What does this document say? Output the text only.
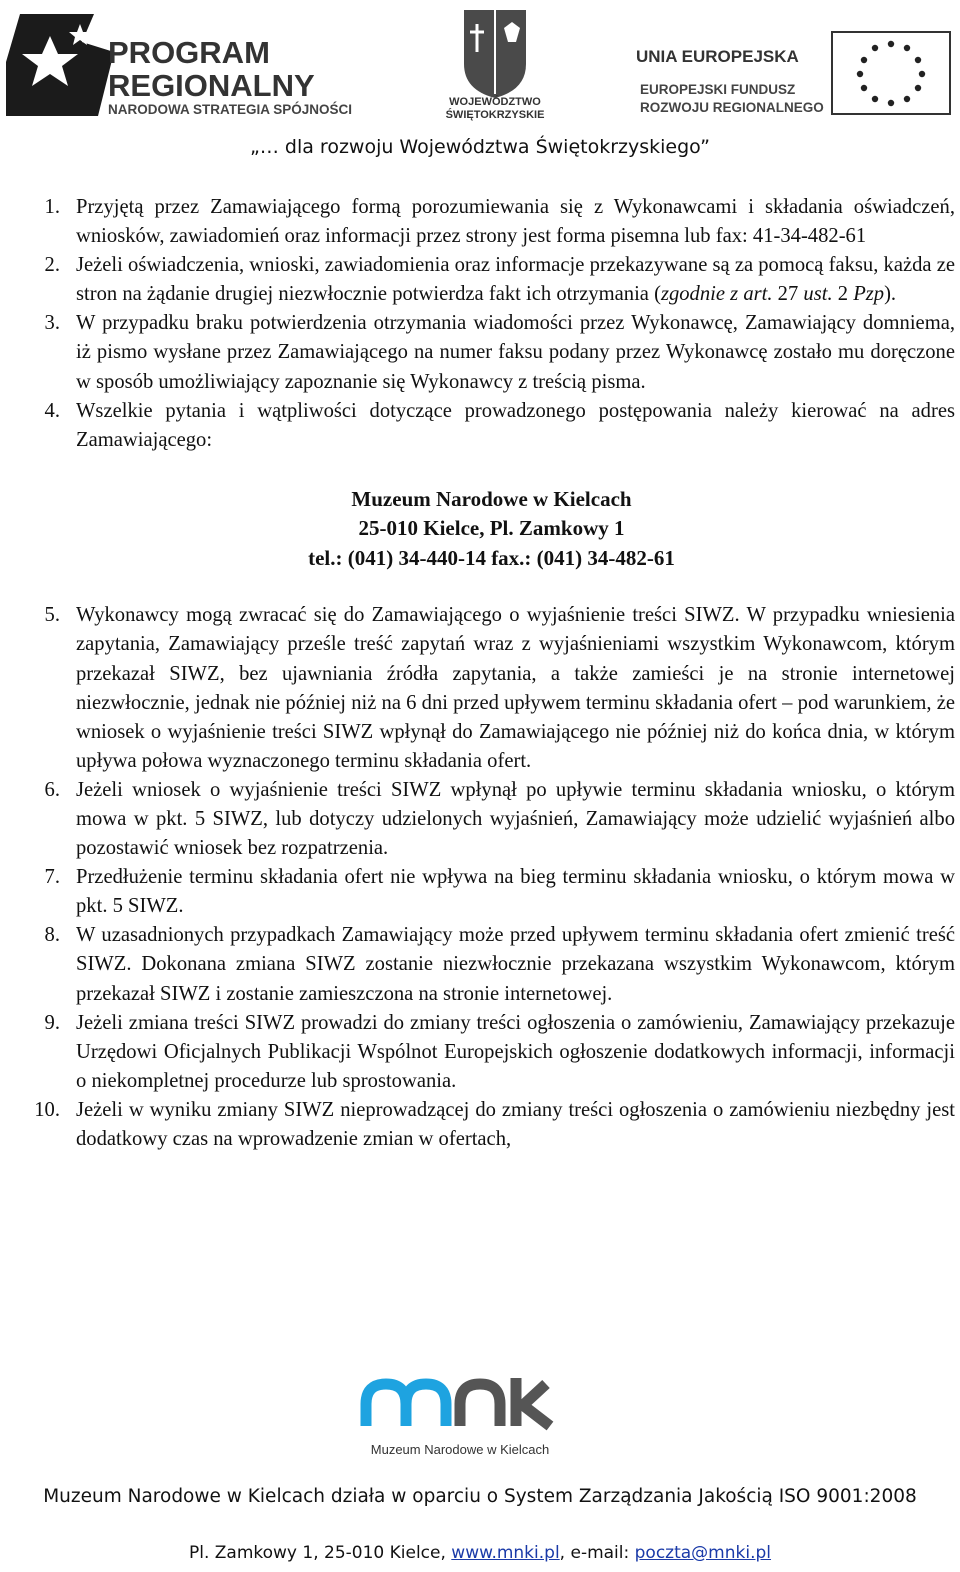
PROGRAM
REGIONALNY
NARODOWA STRATEGIA SPÓJNOŚCI	WOJEWÓDZTWO
ŚWIĘTOKRZYSKIE
UNIA EUROPEJSKA
EUROPEJSKI FUNDUSZ
ROZWOJU REGIONALNEGO
„… dla rozwoju Województwa Świętokrzyskiego”
1. Przyjętą przez Zamawiającego formą porozumiewania się z Wykonawcami i składania oświadczeń, wniosków, zawiadomień oraz informacji przez strony jest forma pisemna lub fax: 41-34-482-61
2. Jeżeli oświadczenia, wnioski, zawiadomienia oraz informacje przekazywane są za pomocą faksu, każda ze stron na żądanie drugiej niezwłocznie potwierdza fakt ich otrzymania (zgodnie z art. 27 ust. 2 Pzp).
3. W przypadku braku potwierdzenia otrzymania wiadomości przez Wykonawcę, Zamawiający domniema, iż pismo wysłane przez Zamawiającego na numer faksu podany przez Wykonawcę zostało mu doręczone w sposób umożliwiający zapoznanie się Wykonawcy z treścią pisma.
4. Wszelkie pytania i wątpliwości dotyczące prowadzonego postępowania należy kierować na adres Zamawiającego:
Muzeum Narodowe w Kielcach
25-010 Kielce, Pl. Zamkowy 1
tel.: (041) 34-440-14 fax.: (041) 34-482-61
5. Wykonawcy mogą zwracać się do Zamawiającego o wyjaśnienie treści SIWZ. W przypadku wniesienia zapytania, Zamawiający prześle treść zapytań wraz z wyjaśnieniami wszystkim Wykonawcom, którym przekazał SIWZ, bez ujawniania źródła zapytania, a także zamieści je na stronie internetowej niezwłocznie, jednak nie później niż na 6 dni przed upływem terminu składania ofert – pod warunkiem, że wniosek o wyjaśnienie treści SIWZ wpłynął do Zamawiającego nie później niż do końca dnia, w którym upływa połowa wyznaczonego terminu składania ofert.
6. Jeżeli wniosek o wyjaśnienie treści SIWZ wpłynął po upływie terminu składania wniosku, o którym mowa w pkt. 5 SIWZ, lub dotyczy udzielonych wyjaśnień, Zamawiający może udzielić wyjaśnień albo pozostawić wniosek bez rozpatrzenia.
7. Przedłużenie terminu składania ofert nie wpływa na bieg terminu składania wniosku, o którym mowa w pkt. 5 SIWZ.
8. W uzasadnionych przypadkach Zamawiający może przed upływem terminu składania ofert zmienić treść SIWZ. Dokonana zmiana SIWZ zostanie niezwłocznie przekazana wszystkim Wykonawcom, którym przekazał SIWZ i zostanie zamieszczona na stronie internetowej.
9. Jeżeli zmiana treści SIWZ prowadzi do zmiany treści ogłoszenia o zamówieniu, Zamawiający przekazuje Urzędowi Oficjalnych Publikacji Wspólnot Europejskich ogłoszenie dodatkowych informacji, informacji o niekompletnej procedurze lub sprostowania.
10. Jeżeli w wyniku zmiany SIWZ nieprowadzącej do zmiany treści ogłoszenia o zamówieniu niezbędny jest dodatkowy czas na wprowadzenie zmian w ofertach,
Muzeum Narodowe w Kielcach
Muzeum Narodowe w Kielcach działa w oparciu o System Zarządzania Jakością ISO 9001:2008
Pl. Zamkowy 1, 25-010 Kielce, www.mnki.pl, e-mail: poczta@mnki.pl
